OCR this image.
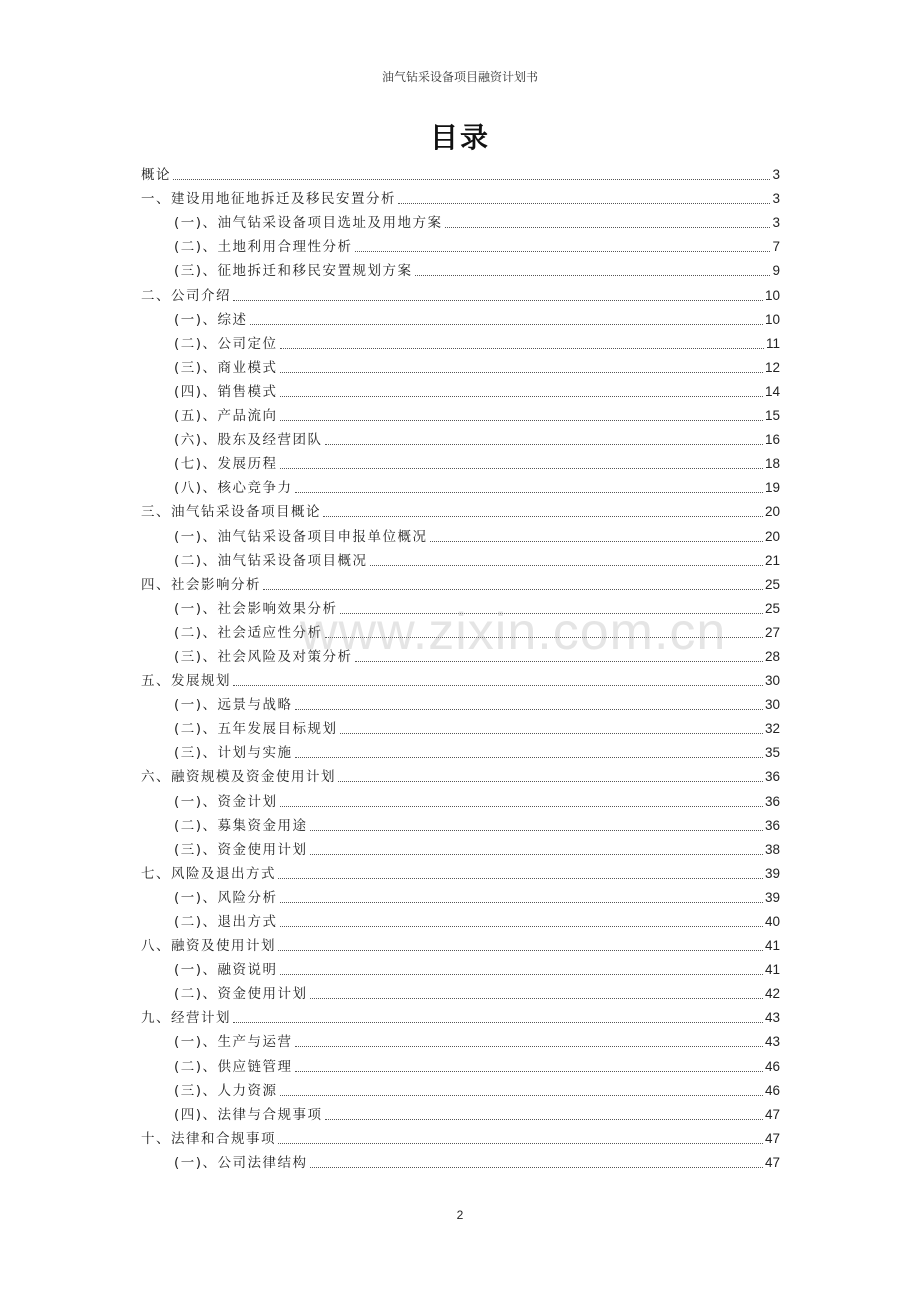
油气钻采设备项目融资计划书
目录
概论	3
一、建设用地征地拆迁及移民安置分析	3
(一)、油气钻采设备项目选址及用地方案	3
(二)、土地利用合理性分析	7
(三)、征地拆迁和移民安置规划方案	9
二、公司介绍	10
(一)、综述	10
(二)、公司定位	11
(三)、商业模式	12
(四)、销售模式	14
(五)、产品流向	15
(六)、股东及经营团队	16
(七)、发展历程	18
(八)、核心竞争力	19
三、油气钻采设备项目概论	20
(一)、油气钻采设备项目申报单位概况	20
(二)、油气钻采设备项目概况	21
四、社会影响分析	25
(一)、社会影响效果分析	25
(二)、社会适应性分析	27
(三)、社会风险及对策分析	28
五、发展规划	30
(一)、远景与战略	30
(二)、五年发展目标规划	32
(三)、计划与实施	35
六、融资规模及资金使用计划	36
(一)、资金计划	36
(二)、募集资金用途	36
(三)、资金使用计划	38
七、风险及退出方式	39
(一)、风险分析	39
(二)、退出方式	40
八、融资及使用计划	41
(一)、融资说明	41
(二)、资金使用计划	42
九、经营计划	43
(一)、生产与运营	43
(二)、供应链管理	46
(三)、人力资源	46
(四)、法律与合规事项	47
十、法律和合规事项	47
(一)、公司法律结构	47
www.zixin.com.cn
2
